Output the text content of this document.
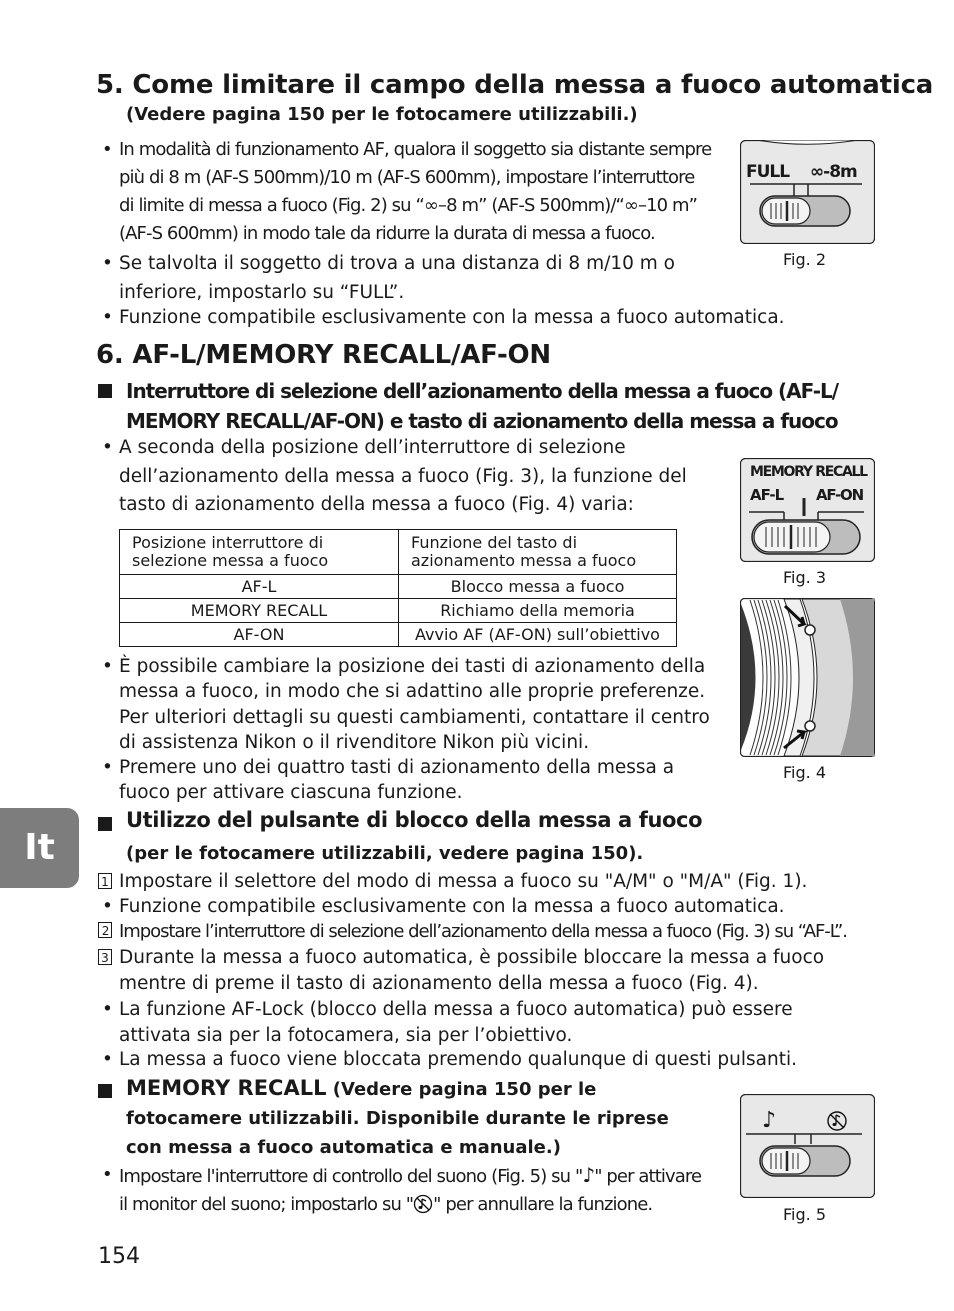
5. Come limitare il campo della messa a fuoco automatica
(Vedere pagina 150 per le fotocamere utilizzabili.)
• In modalità di funzionamento AF, qualora il soggetto sia distante sempre
più di 8 m (AF-S 500mm)/10 m (AF-S 600mm), impostare l’interruttore
di limite di messa a fuoco (Fig. 2) su “∞–8 m” (AF-S 500mm)/“∞–10 m”
(AF-S 600mm) in modo tale da ridurre la durata di messa a fuoco.
• Se talvolta il soggetto di trova a una distanza di 8 m/10 m o
inferiore, impostarlo su “FULL”.
• Funzione compatibile esclusivamente con la messa a fuoco automatica.
FULL ∞-8m
Fig. 2
6. AF-L/MEMORY RECALL/AF-ON
Interruttore di selezione dell’azionamento della messa a fuoco (AF-L/
MEMORY RECALL/AF-ON) e tasto di azionamento della messa a fuoco
• A seconda della posizione dell’interruttore di selezione
dell’azionamento della messa a fuoco (Fig. 3), la funzione del
tasto di azionamento della messa a fuoco (Fig. 4) varia:
Posizione interruttore di selezione messa a fuoco	Funzione del tasto di azionamento messa a fuoco
AF-L	Blocco messa a fuoco
MEMORY RECALL	Richiamo della memoria
AF-ON	Avvio AF (AF-ON) sull’obiettivo
• È possibile cambiare la posizione dei tasti di azionamento della
messa a fuoco, in modo che si adattino alle proprie preferenze.
Per ulteriori dettagli su questi cambiamenti, contattare il centro
di assistenza Nikon o il rivenditore Nikon più vicini.
• Premere uno dei quattro tasti di azionamento della messa a
fuoco per attivare ciascuna funzione.
MEMORY RECALL
AF-L AF-ON
Fig. 3
Fig. 4
It
Utilizzo del pulsante di blocco della messa a fuoco
(per le fotocamere utilizzabili, vedere pagina 150).
1 Impostare il selettore del modo di messa a fuoco su "A/M" o "M/A" (Fig. 1).
• Funzione compatibile esclusivamente con la messa a fuoco automatica.
2 Impostare l’interruttore di selezione dell’azionamento della messa a fuoco (Fig. 3) su “AF-L”.
3 Durante la messa a fuoco automatica, è possibile bloccare la messa a fuoco
mentre di preme il tasto di azionamento della messa a fuoco (Fig. 4).
• La funzione AF-Lock (blocco della messa a fuoco automatica) può essere
attivata sia per la fotocamera, sia per l’obiettivo.
• La messa a fuoco viene bloccata premendo qualunque di questi pulsanti.
MEMORY RECALL (Vedere pagina 150 per le
fotocamere utilizzabili. Disponibile durante le riprese
con messa a fuoco automatica e manuale.)
• Impostare l'interruttore di controllo del suono (Fig. 5) su "♪" per attivare
il monitor del suono; impostarlo su " " per annullare la funzione.
♪
Fig. 5
154
